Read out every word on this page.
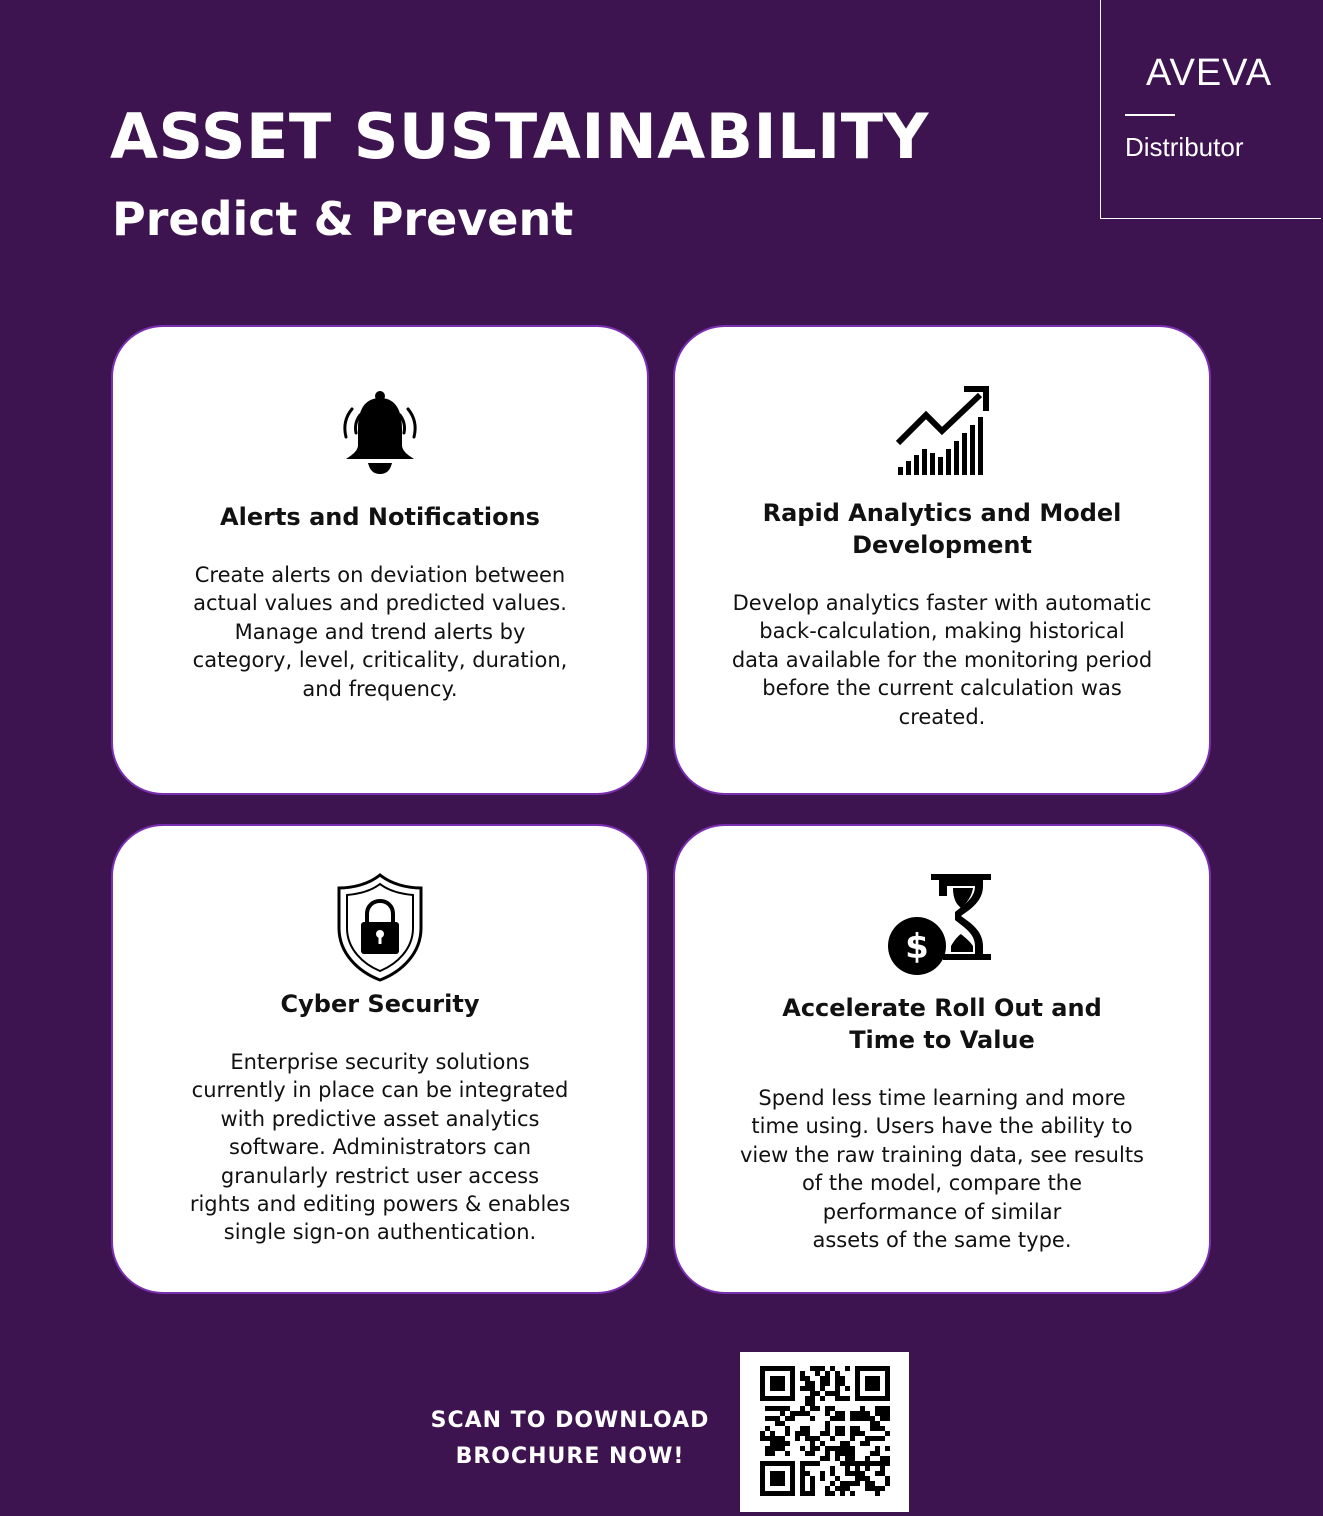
AVEVA
Distributor
ASSET SUSTAINABILITY
Predict & Prevent
Alerts and Notifications

Create alerts on deviation between
actual values and predicted values.
Manage and trend alerts by
category, level, criticality, duration,
and frequency.

Rapid Analytics and Model
Development

Develop analytics faster with automatic
back-calculation, making historical
data available for the monitoring period
before the current calculation was
created.

Cyber Security

Enterprise security solutions
currently in place can be integrated
with predictive asset analytics
software. Administrators can
granularly restrict user access
rights and editing powers & enables
single sign-on authentication.

$
Accelerate Roll Out and
Time to Value

Spend less time learning and more
time using. Users have the ability to
view the raw training data, see results
of the model, compare the
performance of similar
assets of the same type.

SCAN TO DOWNLOAD
BROCHURE NOW!
